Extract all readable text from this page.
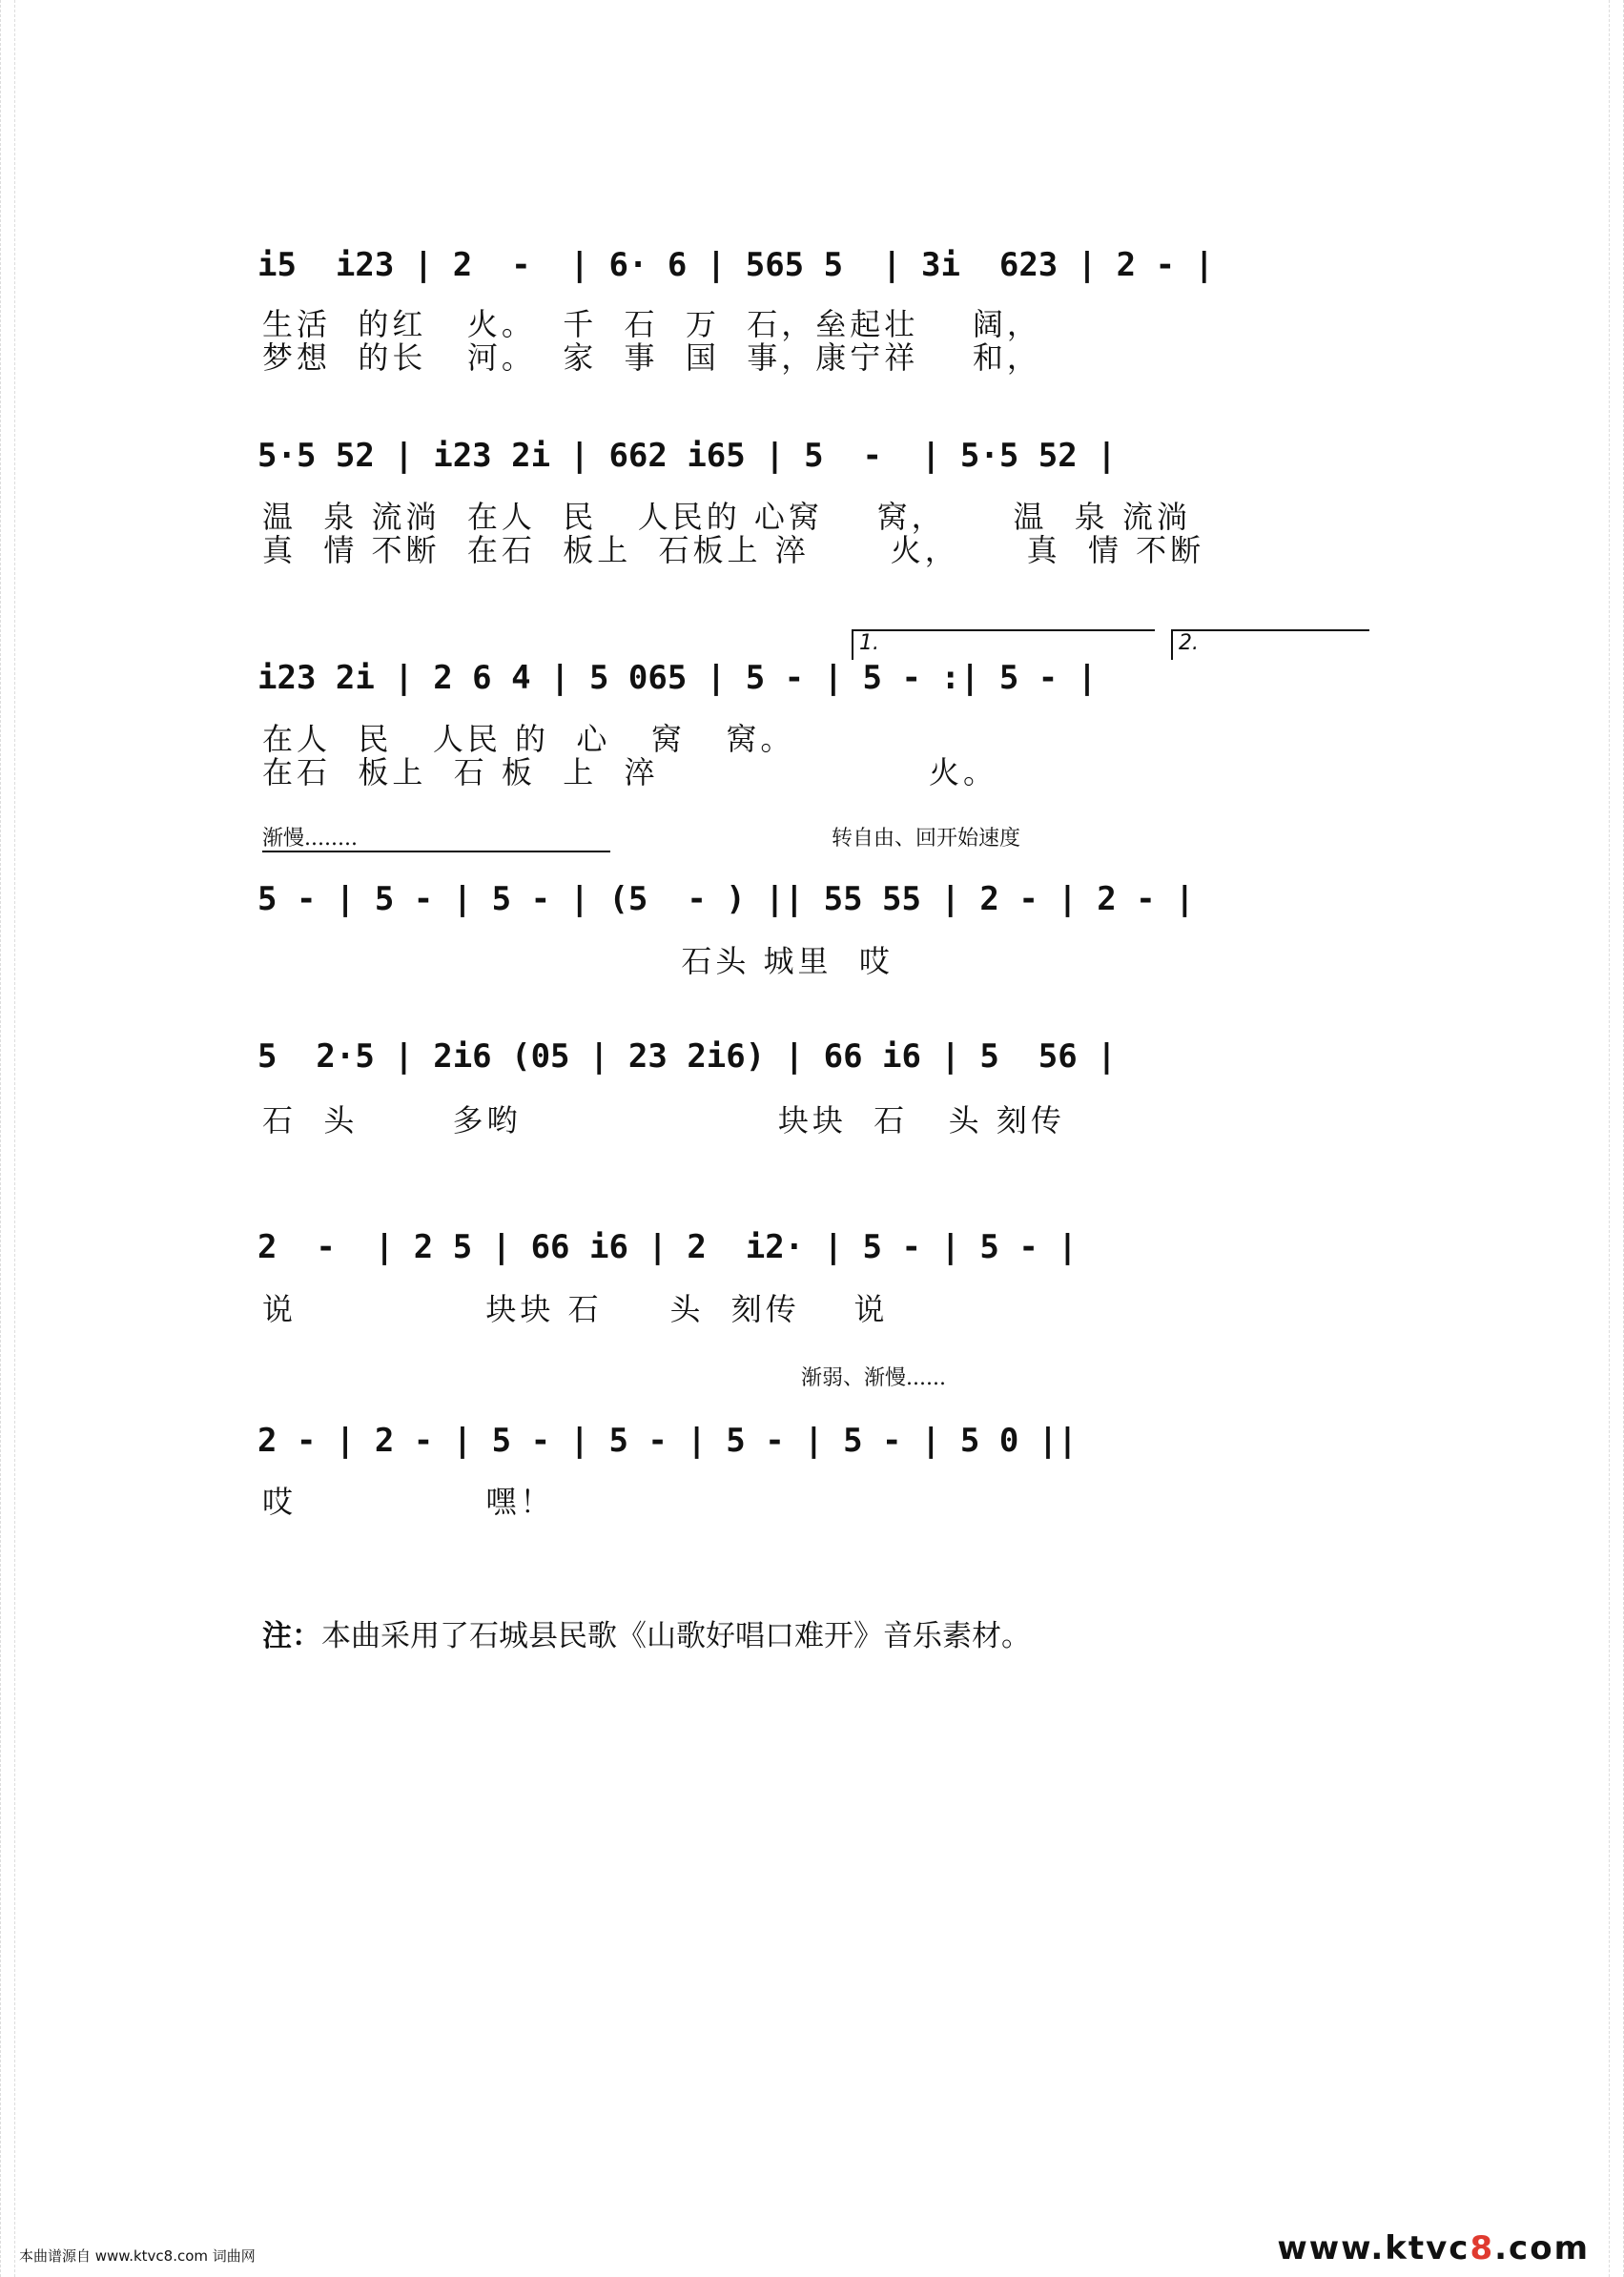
i5  i23 | 2  -  | 6· 6 | 565 5  | 3i  623 | 2 - |
生活  的红   火。  千  石  万  石，垒起壮    阔，
梦想  的长   河。  家  事  国  事，康宁祥    和，
5·5 52 | i23 2i | 662 i65 | 5  -  | 5·5 52 |
温  泉 流淌  在人  民   人民的 心窝    窝，     温  泉 流淌
真  情 不断  在石  板上  石板上 淬      火，     真  情 不断
1.	2.
i23 2i | 2 6 4 | 5 065 | 5 - | 5 - :| 5 - |
在人  民   人民 的  心   窝   窝。
在石  板上  石 板  上  淬                    火。
渐慢........	转自由、回开始速度
5 - | 5 - | 5 - | (5  - ) || 55 55 | 2 - | 2 - |
石头 城里  哎
5  2·5 | 2i6 (05 | 23 2i6) | 66 i6 | 5  56 |
石  头       多哟                   块块  石   头 刻传
2  -  | 2 5 | 66 i6 | 2  i2· | 5 - | 5 - |
说              块块 石     头  刻传    说
渐弱、渐慢......
2 - | 2 - | 5 - | 5 - | 5 - | 5 - | 5 0 ||
哎              嘿！
注：本曲采用了石城县民歌《山歌好唱口难开》音乐素材。
本曲谱源自 www.ktvc8.com 词曲网	www.ktvc8.com
